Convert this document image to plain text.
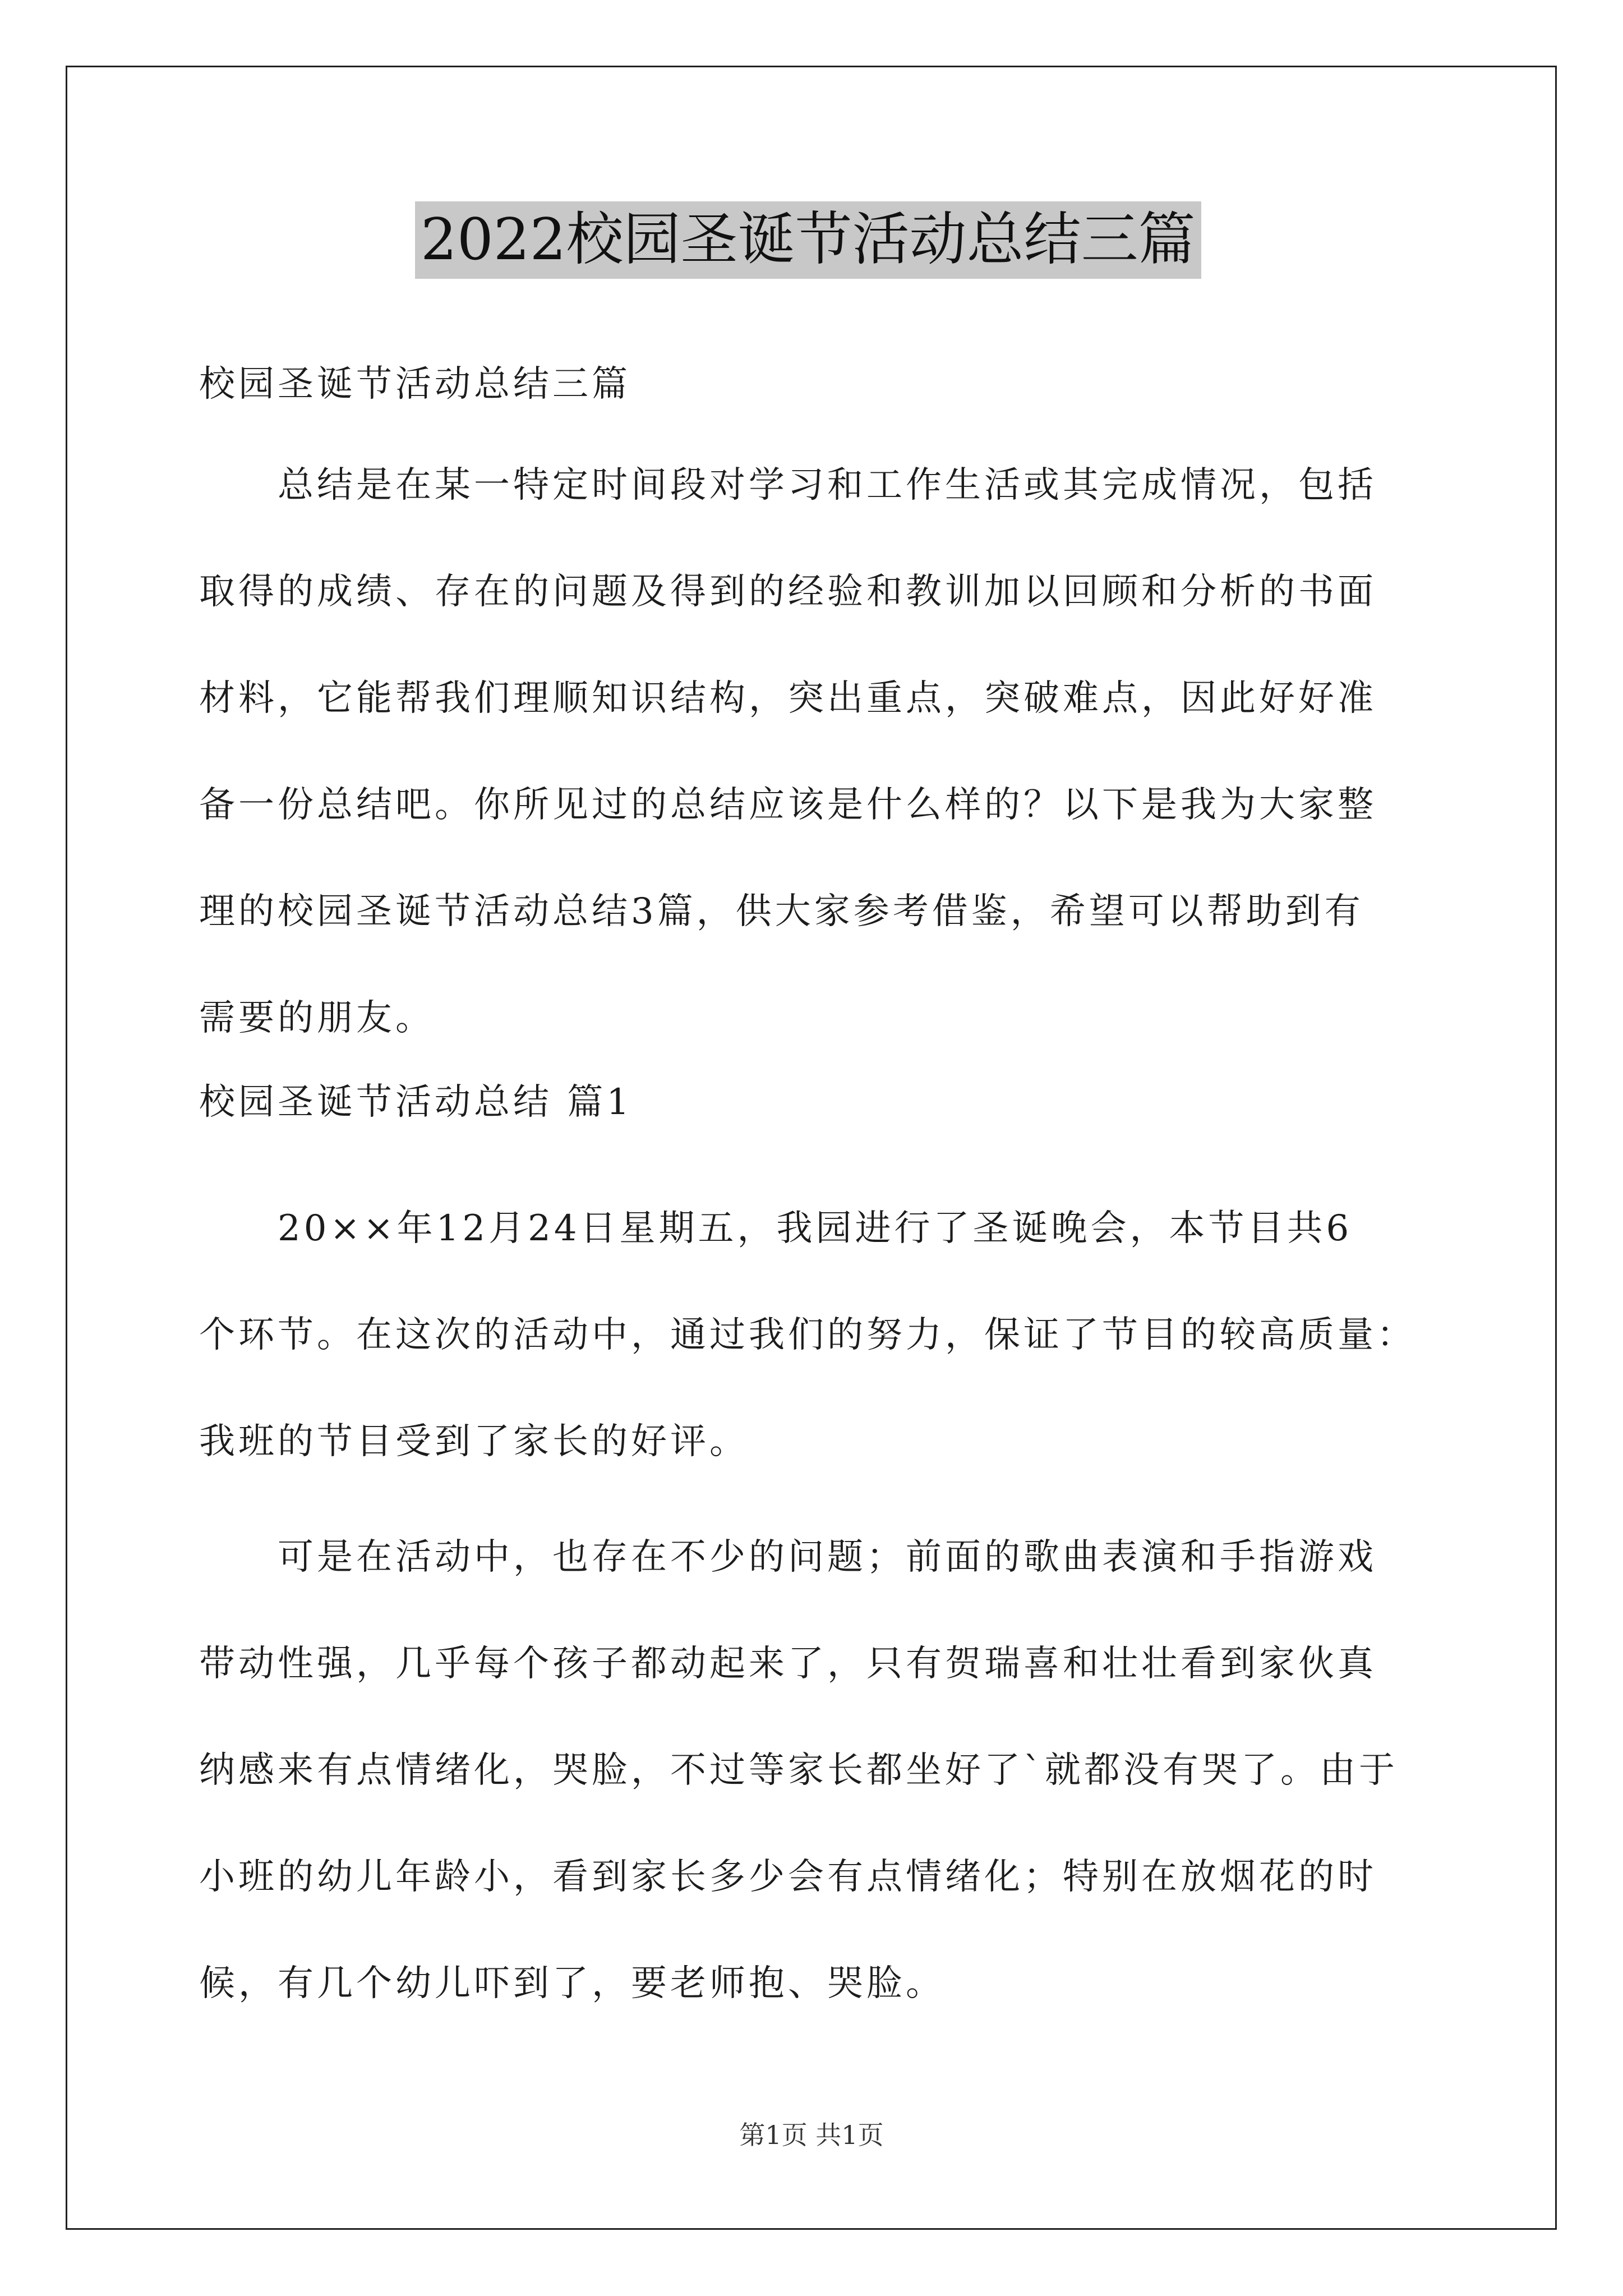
2022校园圣诞节活动总结三篇
校园圣诞节活动总结三篇
　　总结是在某一特定时间段对学习和工作生活或其完成情况，包括
取得的成绩、存在的问题及得到的经验和教训加以回顾和分析的书面
材料，它能帮我们理顺知识结构，突出重点，突破难点，因此好好准
备一份总结吧。你所见过的总结应该是什么样的？以下是我为大家整
理的校园圣诞节活动总结3篇，供大家参考借鉴，希望可以帮助到有
需要的朋友。
校园圣诞节活动总结 篇1
　　20××年12月24日星期五，我园进行了圣诞晚会，本节目共6
个环节。在这次的活动中，通过我们的努力，保证了节目的较高质量：
我班的节目受到了家长的好评。
　　可是在活动中，也存在不少的问题；前面的歌曲表演和手指游戏
带动性强，几乎每个孩子都动起来了，只有贺瑞喜和壮壮看到家伙真
纳感来有点情绪化，哭脸，不过等家长都坐好了`就都没有哭了。由于
小班的幼儿年龄小，看到家长多少会有点情绪化；特别在放烟花的时
候，有几个幼儿吓到了，要老师抱、哭脸。
第1页 共1页
